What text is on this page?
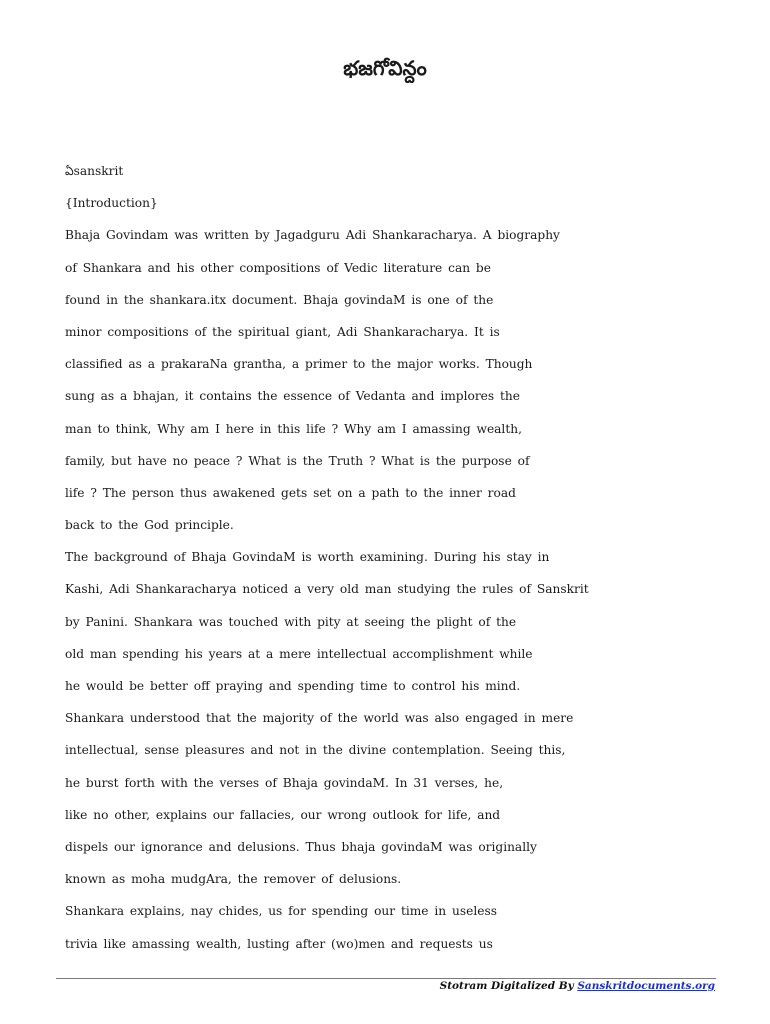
భజగోవిన్దం
ఏsanskrit
{Introduction}
Bhaja Govindam was written by Jagadguru Adi Shankaracharya. A biography
of Shankara and his other compositions of Vedic literature can be
found in the shankara.itx document. Bhaja govindaM is one of the
minor compositions of the spiritual giant, Adi Shankaracharya. It is
classified as a prakaraNa grantha, a primer to the major works. Though
sung as a bhajan, it contains the essence of Vedanta and implores the
man to think, Why am I here in this life ? Why am I amassing wealth,
family, but have no peace ? What is the Truth ? What is the purpose of
life ? The person thus awakened gets set on a path to the inner road
back to the God principle.
The background of Bhaja GovindaM is worth examining. During his stay in
Kashi, Adi Shankaracharya noticed a very old man studying the rules of Sanskrit
by Panini. Shankara was touched with pity at seeing the plight of the
old man spending his years at a mere intellectual accomplishment while
he would be better off praying and spending time to control his mind.
Shankara understood that the majority of the world was also engaged in mere
intellectual, sense pleasures and not in the divine contemplation. Seeing this,
he burst forth with the verses of Bhaja govindaM. In 31 verses, he,
like no other, explains our fallacies, our wrong outlook for life, and
dispels our ignorance and delusions. Thus bhaja govindaM was originally
known as moha mudgAra, the remover of delusions.
Shankara explains, nay chides, us for spending our time in useless
trivia like amassing wealth, lusting after (wo)men and requests us
Stotram Digitalized By Sanskritdocuments.org
